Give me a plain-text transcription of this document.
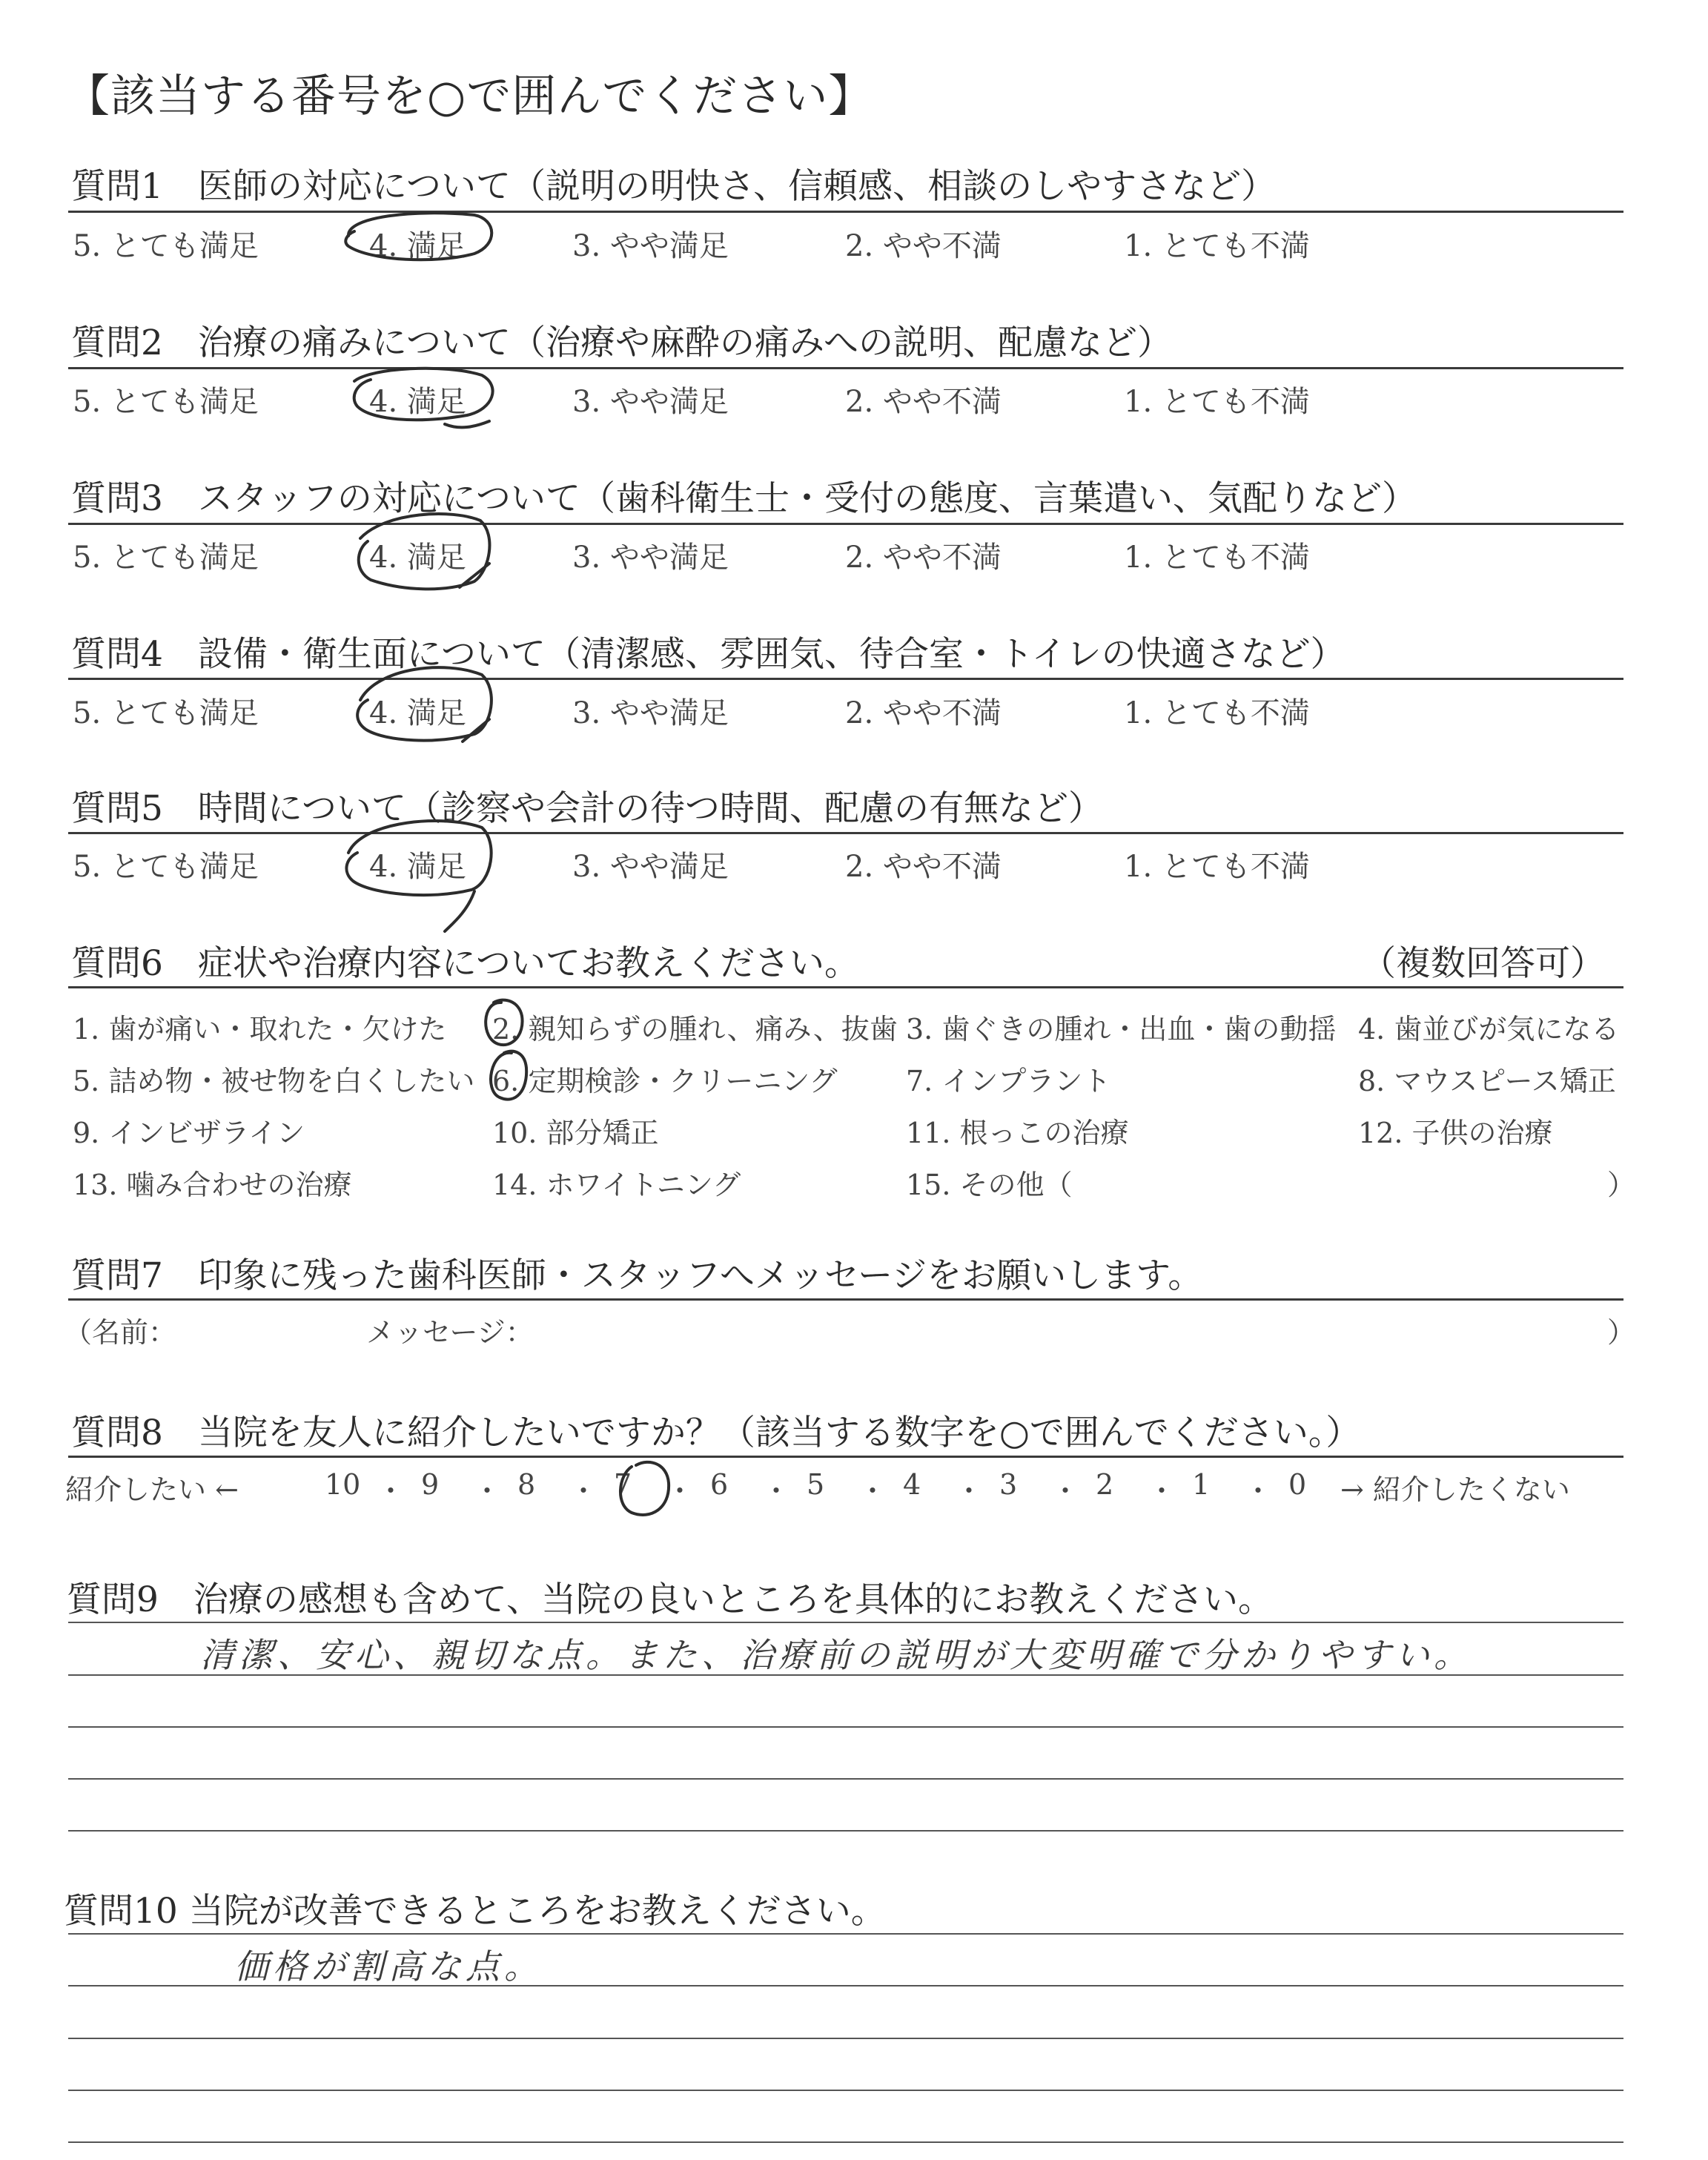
【該当する番号を○で囲んでください】
質問1　医師の対応について（説明の明快さ、信頼感、相談のしやすさなど）
5. とても満足	4. 満足	3. やや満足	2. やや不満	1. とても不満
質問2　治療の痛みについて（治療や麻酔の痛みへの説明、配慮など）
5. とても満足	4. 満足	3. やや満足	2. やや不満	1. とても不満
質問3　スタッフの対応について（歯科衛生士・受付の態度、言葉遣い、気配りなど）
5. とても満足	4. 満足	3. やや満足	2. やや不満	1. とても不満
質問4　設備・衛生面について（清潔感、雰囲気、待合室・トイレの快適さなど）
5. とても満足	4. 満足	3. やや満足	2. やや不満	1. とても不満
質問5　時間について（診察や会計の待つ時間、配慮の有無など）
5. とても満足	4. 満足	3. やや満足	2. やや不満	1. とても不満
質問6　症状や治療内容についてお教えください。	（複数回答可）
1. 歯が痛い・取れた・欠けた 2. 親知らずの腫れ、痛み、抜歯 3. 歯ぐきの腫れ・出血・歯の動揺 4. 歯並びが気になる
5. 詰め物・被せ物を白くしたい 6. 定期検診・クリーニング 7. インプラント	8. マウスピース矯正
9. インビザライン	10. 部分矯正	11. 根っこの治療	12. 子供の治療
13. 噛み合わせの治療	14. ホワイトニング	15. その他（	）
質問7　印象に残った歯科医師・スタッフへメッセージをお願いします。
（名前：	メッセージ：	）
質問8　当院を友人に紹介したいですか？（該当する数字を○で囲んでください。）
紹介したい ←	→ 紹介したくない
10 ・ 9 ・ 8 ・ 7 ・ 6 ・ 5 ・ 4 ・ 3 ・ 2 ・ 1 ・ 0
質問9　治療の感想も含めて、当院の良いところを具体的にお教えください。
清潔、安心、親切な点。また、治療前の説明が大変明確で分かりやすい。
質問10 当院が改善できるところをお教えください。
価格が割高な点。
